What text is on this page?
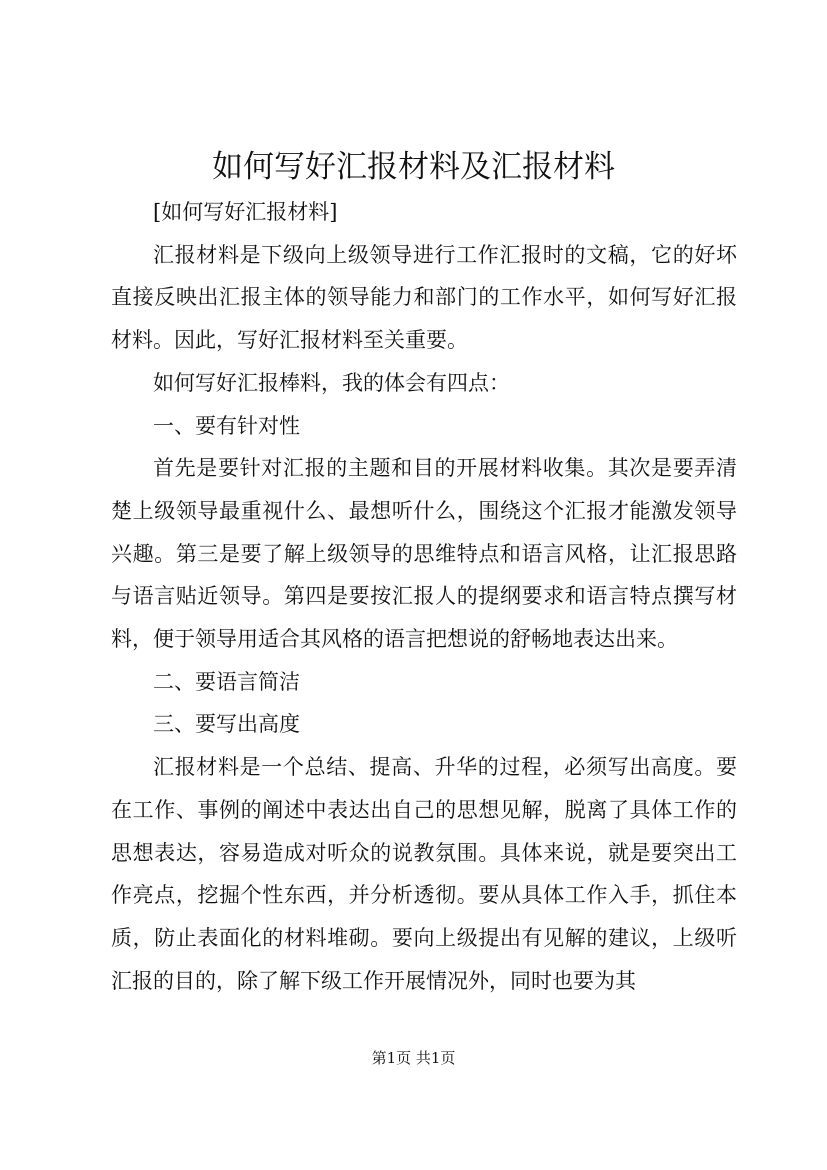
如何写好汇报材料及汇报材料

[如何写好汇报材料]

汇报材料是下级向上级领导进行工作汇报时的文稿，它的好坏直接反映出汇报主体的领导能力和部门的工作水平，如何写好汇报材料。因此，写好汇报材料至关重要。

如何写好汇报棒料，我的体会有四点：

一、要有针对性

首先是要针对汇报的主题和目的开展材料收集。其次是要弄清楚上级领导最重视什么、最想听什么，围绕这个汇报才能激发领导兴趣。第三是要了解上级领导的思维特点和语言风格，让汇报思路与语言贴近领导。第四是要按汇报人的提纲要求和语言特点撰写材料，便于领导用适合其风格的语言把想说的舒畅地表达出来。

二、要语言简洁

三、要写出高度

汇报材料是一个总结、提高、升华的过程，必须写出高度。要在工作、事例的阐述中表达出自己的思想见解，脱离了具体工作的思想表达，容易造成对听众的说教氛围。具体来说，就是要突出工作亮点，挖掘个性东西，并分析透彻。要从具体工作入手，抓住本质，防止表面化的材料堆砌。要向上级提出有见解的建议，上级听汇报的目的，除了解下级工作开展情况外，同时也要为其

第1页 共1页
